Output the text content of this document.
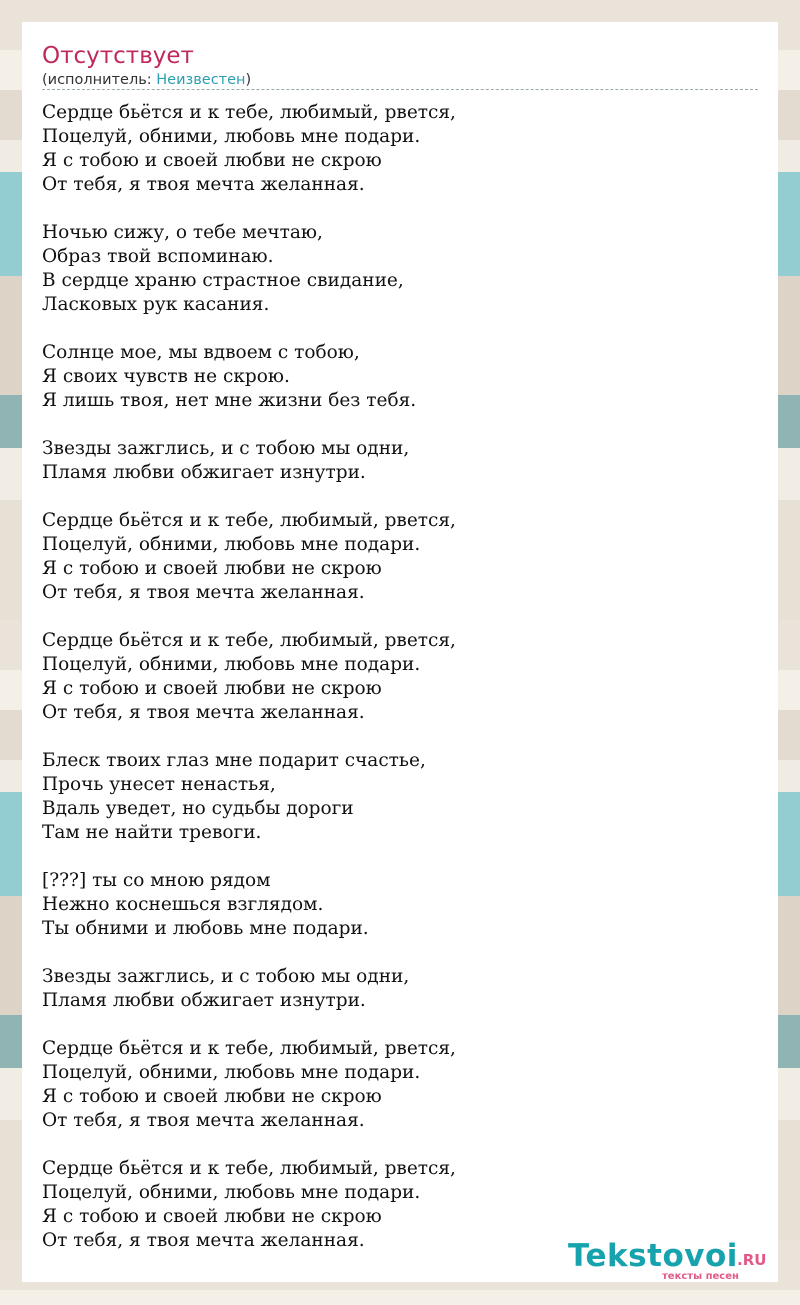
Отсутствует
(исполнитель: Неизвестен)
Сердце бьётся и к тебе, любимый, рвется,
Поцелуй, обними, любовь мне подари.
Я с тобою и своей любви не скрою
От тебя, я твоя мечта желанная.
Ночью сижу, о тебе мечтаю,
Образ твой вспоминаю.
В сердце храню страстное свидание,
Ласковых рук касания.
Солнце мое, мы вдвоем с тобою,
Я своих чувств не скрою.
Я лишь твоя, нет мне жизни без тебя.
Звезды зажглись, и с тобою мы одни,
Пламя любви обжигает изнутри.
Сердце бьётся и к тебе, любимый, рвется,
Поцелуй, обними, любовь мне подари.
Я с тобою и своей любви не скрою
От тебя, я твоя мечта желанная.
Сердце бьётся и к тебе, любимый, рвется,
Поцелуй, обними, любовь мне подари.
Я с тобою и своей любви не скрою
От тебя, я твоя мечта желанная.
Блеск твоих глаз мне подарит счастье,
Прочь унесет ненастья,
Вдаль уведет, но судьбы дороги
Там не найти тревоги.
[???] ты со мною рядом
Нежно коснешься взглядом.
Ты обними и любовь мне подари.
Звезды зажглись, и с тобою мы одни,
Пламя любви обжигает изнутри.
Сердце бьётся и к тебе, любимый, рвется,
Поцелуй, обними, любовь мне подари.
Я с тобою и своей любви не скрою
От тебя, я твоя мечта желанная.
Сердце бьётся и к тебе, любимый, рвется,
Поцелуй, обними, любовь мне подари.
Я с тобою и своей любви не скрою
От тебя, я твоя мечта желанная.	Tekstovoi .RU
тексты песен
